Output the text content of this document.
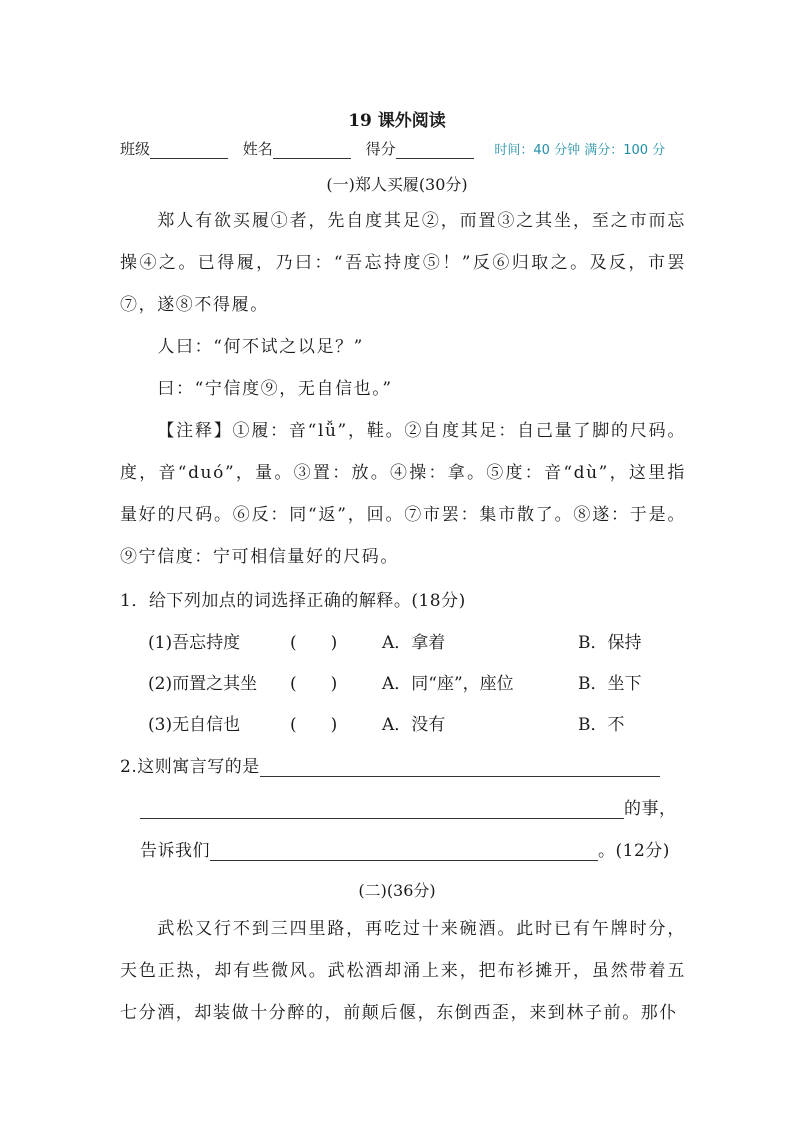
19 课外阅读
班级	姓名	得分	时间：40 分钟 满分：100 分
(一)郑人买履(30分)
郑人有欲买履①者，先自度其足②，而置③之其坐，至之市而忘操④之。已得履，乃曰：“吾忘持度⑤！”反⑥归取之。及反，市罢⑦，遂⑧不得履。
人曰：“何不试之以足？”
曰：“宁信度⑨，无自信也。”
【注释】①履：音“lǚ”，鞋。②自度其足：自己量了脚的尺码。度，音“duó”，量。③置：放。④操：拿。⑤度：音“dù”，这里指量好的尺码。⑥反：同“返”，回。⑦市罢：集市散了。⑧遂：于是。⑨宁信度：宁可相信量好的尺码。
1．给下列加点的词选择正确的解释。(18分)
(1)吾忘持度	(　　)	A．拿着	B．保持
(2)而置之其坐 (　　)	A．同“座”，座位	B．坐下
(3)无自信也	(　　)	A．没有	B．不
2.这则寓言写的是
的事，
告诉我们	。(12分)
(二)(36分)
武松又行不到三四里路，再吃过十来碗酒。此时已有午牌时分，天色正热，却有些微风。武松酒却涌上来，把布衫摊开，虽然带着五七分酒，却装做十分醉的，前颠后偃，东倒西歪，来到林子前。那仆
